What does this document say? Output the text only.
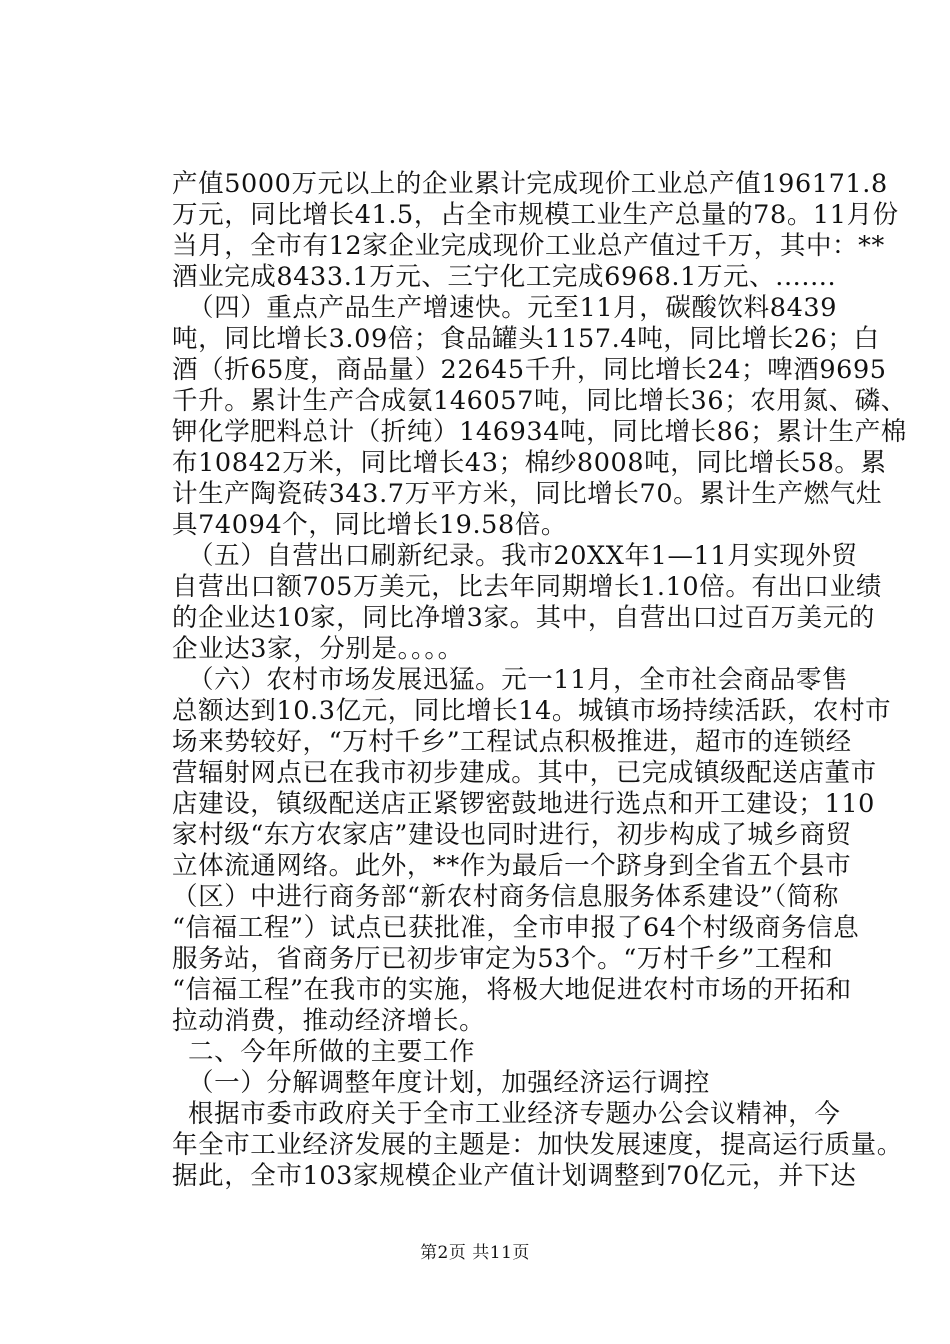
产值5000万元以上的企业累计完成现价工业总产值196171.8
万元，同比增长41.5，占全市规模工业生产总量的78。11月份
当月，全市有12家企业完成现价工业总产值过千万，其中：**
酒业完成8433.1万元、三宁化工完成6968.1万元、.......
（四）重点产品生产增速快。元至11月，碳酸饮料8439
吨，同比增长3.09倍；食品罐头1157.4吨，同比增长26；白
酒（折65度，商品量）22645千升，同比增长24；啤酒9695
千升。累计生产合成氨146057吨，同比增长36；农用氮、磷、
钾化学肥料总计（折纯）146934吨，同比增长86；累计生产棉
布10842万米，同比增长43；棉纱8008吨，同比增长58。累
计生产陶瓷砖343.7万平方米，同比增长70。累计生产燃气灶
具74094个，同比增长19.58倍。
（五）自营出口刷新纪录。我市20XX年1—11月实现外贸
自营出口额705万美元，比去年同期增长1.10倍。有出口业绩
的企业达10家，同比净增3家。其中，自营出口过百万美元的
企业达3家，分别是。。。。
（六）农村市场发展迅猛。元一11月，全市社会商品零售
总额达到10.3亿元，同比增长14。城镇市场持续活跃，农村市
场来势较好，“万村千乡”工程试点积极推进，超市的连锁经
营辐射网点已在我市初步建成。其中，已完成镇级配送店董市
店建设，镇级配送店正紧锣密鼓地进行选点和开工建设；110
家村级“东方农家店”建设也同时进行，初步构成了城乡商贸
立体流通网络。此外，**作为最后一个跻身到全省五个县市
（区）中进行商务部“新农村商务信息服务体系建设”（简称
“信福工程”）试点已获批准，全市申报了64个村级商务信息
服务站，省商务厅已初步审定为53个。“万村千乡”工程和
“信福工程”在我市的实施，将极大地促进农村市场的开拓和
拉动消费，推动经济增长。
二、今年所做的主要工作
（一）分解调整年度计划，加强经济运行调控
根据市委市政府关于全市工业经济专题办公会议精神，今
年全市工业经济发展的主题是：加快发展速度，提高运行质量。
据此，全市103家规模企业产值计划调整到70亿元，并下达
第2页 共11页
